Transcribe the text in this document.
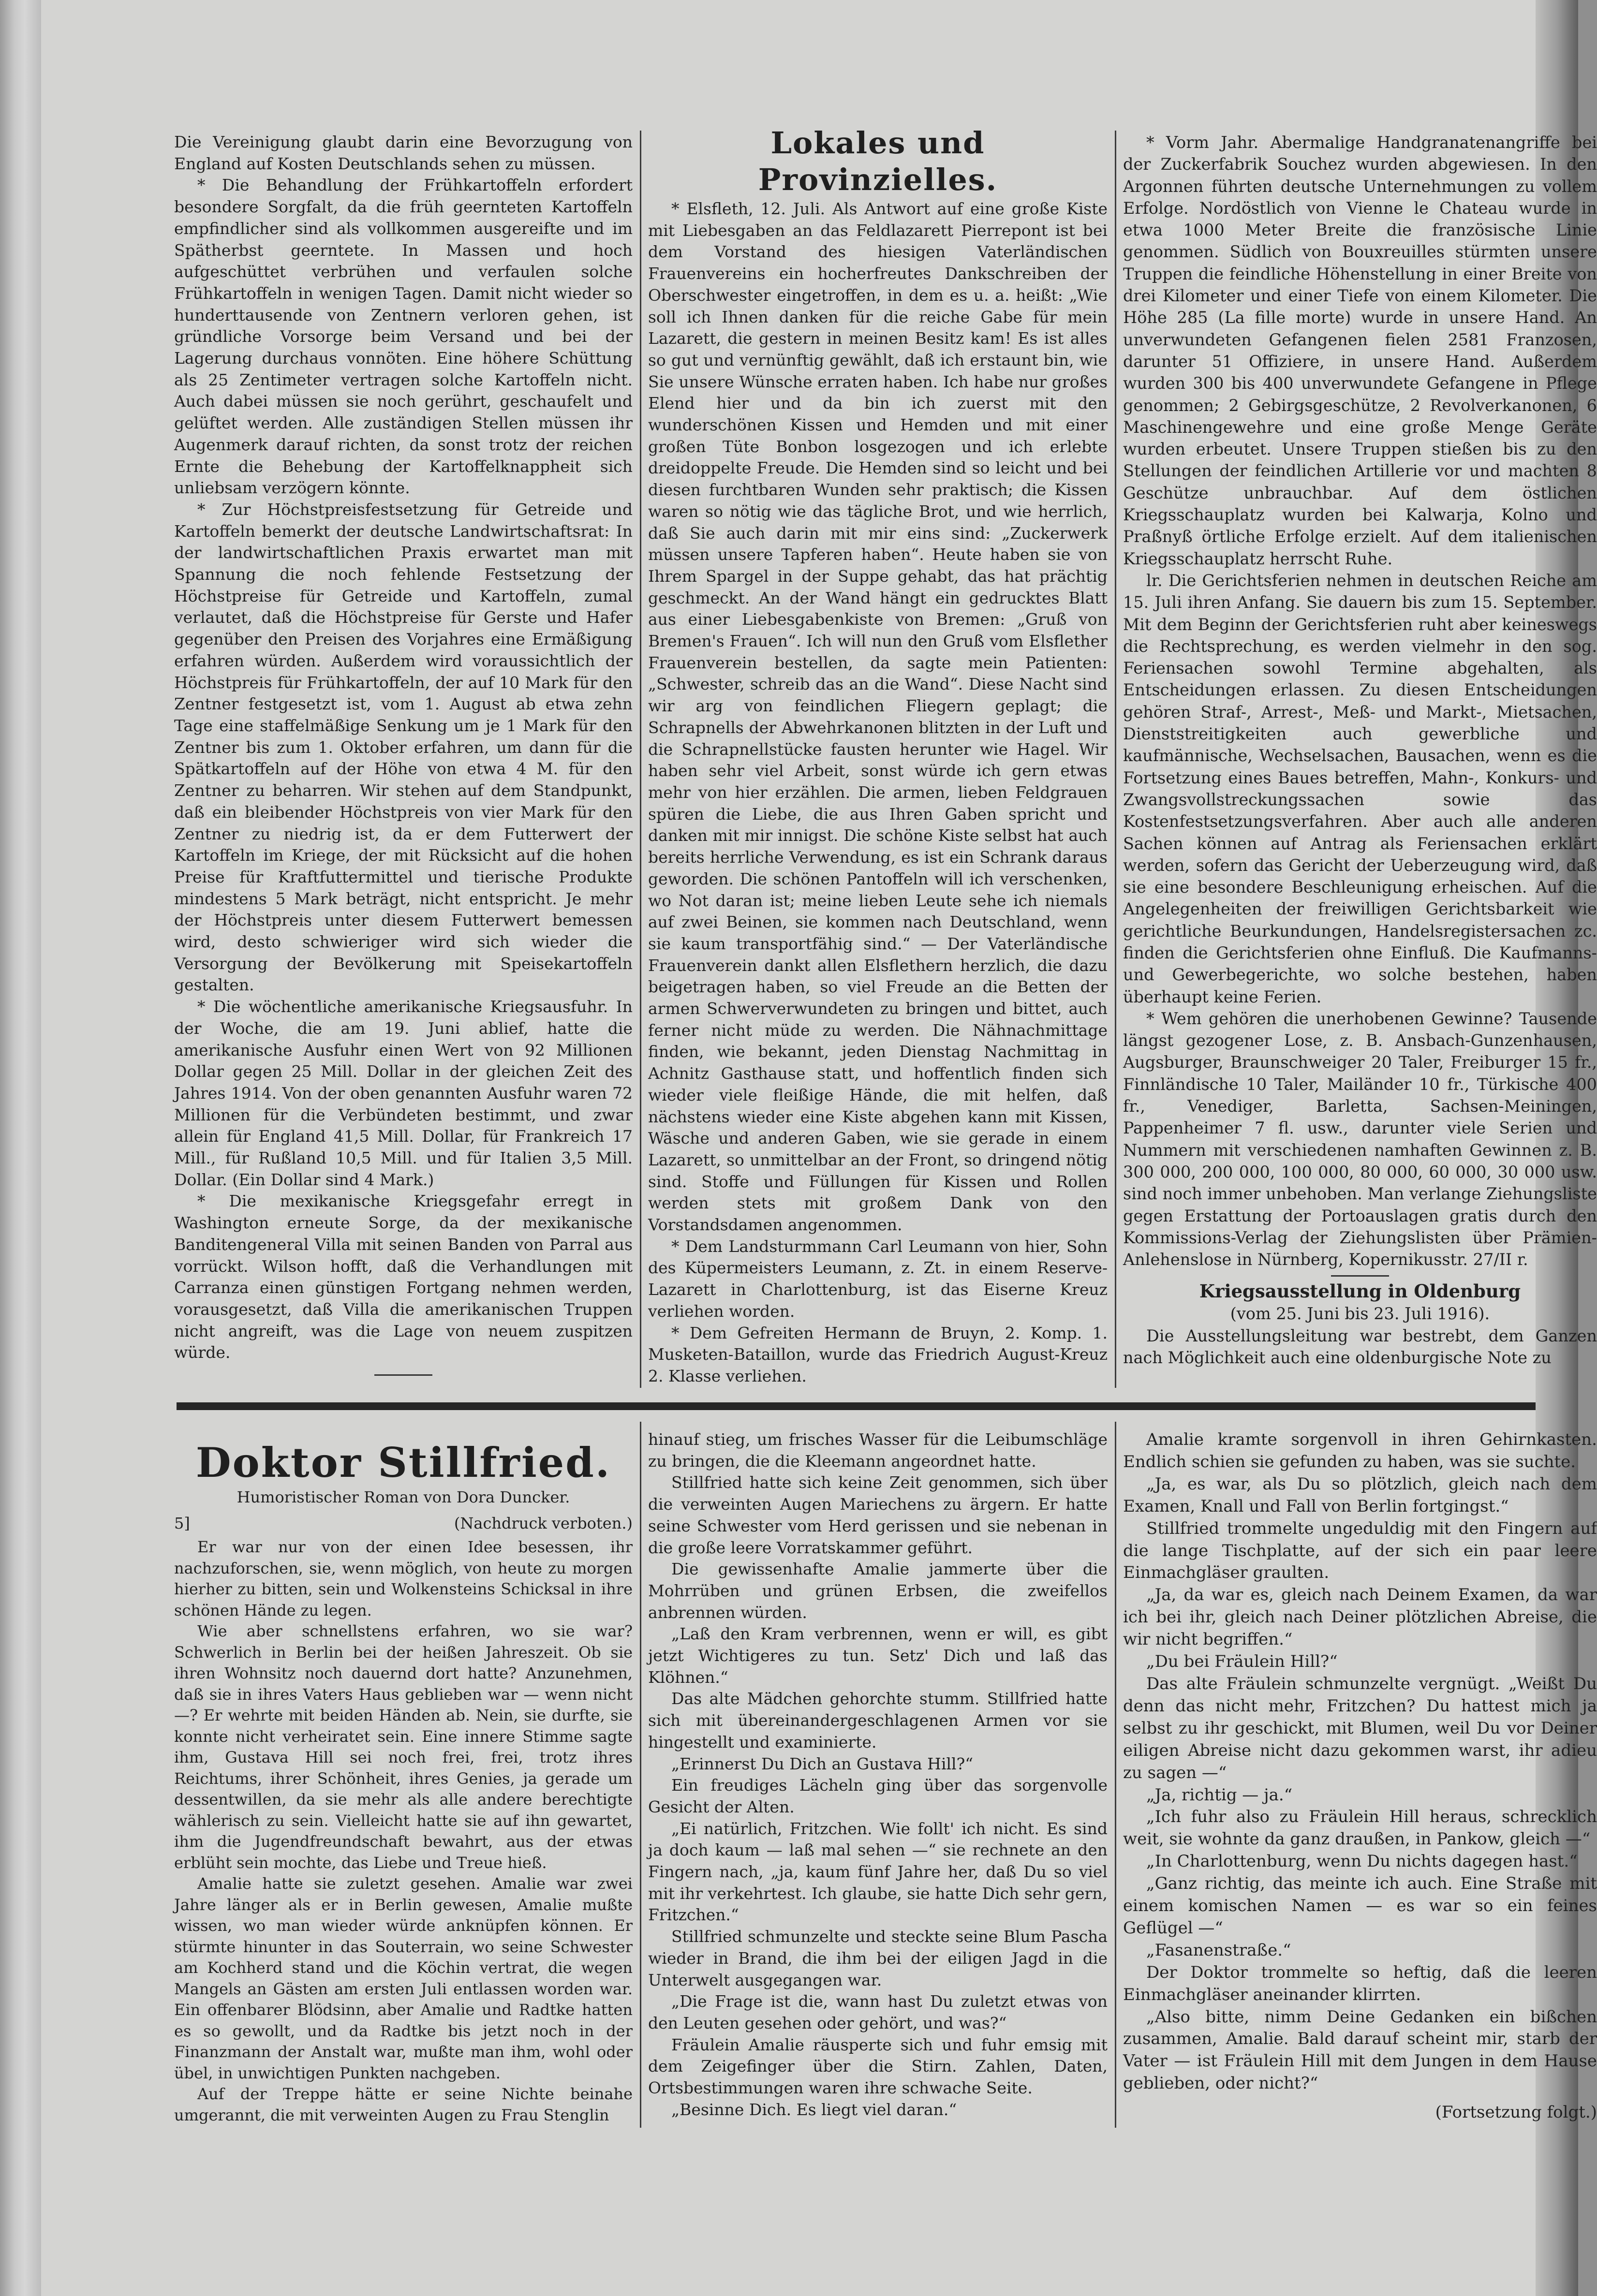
Die Vereinigung glaubt darin eine Bevorzugung von England auf Kosten Deutschlands sehen zu müssen.

* Die Behandlung der Frühkartoffeln erfordert besondere Sorgfalt, da die früh geernteten Kartoffeln empfindlicher sind als vollkommen ausgereifte und im Spätherbst geerntete. In Massen und hoch aufgeschüttet verbrühen und verfaulen solche Frühkartoffeln in wenigen Tagen. Damit nicht wieder so hunderttausende von Zentnern verloren gehen, ist gründliche Vorsorge beim Versand und bei der Lagerung durchaus vonnöten. Eine höhere Schüttung als 25 Zentimeter vertragen solche Kartoffeln nicht. Auch dabei müssen sie noch gerührt, geschaufelt und gelüftet werden. Alle zuständigen Stellen müssen ihr Augenmerk darauf richten, da sonst trotz der reichen Ernte die Behebung der Kartoffelknappheit sich unliebsam verzögern könnte.

* Zur Höchstpreisfestsetzung für Getreide und Kartoffeln bemerkt der deutsche Landwirtschaftsrat: In der landwirtschaftlichen Praxis erwartet man mit Spannung die noch fehlende Festsetzung der Höchstpreise für Getreide und Kartoffeln, zumal verlautet, daß die Höchstpreise für Gerste und Hafer gegenüber den Preisen des Vorjahres eine Ermäßigung erfahren würden. Außerdem wird voraussichtlich der Höchstpreis für Frühkartoffeln, der auf 10 Mark für den Zentner festgesetzt ist, vom 1. August ab etwa zehn Tage eine staffelmäßige Senkung um je 1 Mark für den Zentner bis zum 1. Oktober erfahren, um dann für die Spätkartoffeln auf der Höhe von etwa 4 M. für den Zentner zu beharren. Wir stehen auf dem Standpunkt, daß ein bleibender Höchstpreis von vier Mark für den Zentner zu niedrig ist, da er dem Futterwert der Kartoffeln im Kriege, der mit Rücksicht auf die hohen Preise für Kraftfuttermittel und tierische Produkte mindestens 5 Mark beträgt, nicht entspricht. Je mehr der Höchstpreis unter diesem Futterwert bemessen wird, desto schwieriger wird sich wieder die Versorgung der Bevölkerung mit Speisekartoffeln gestalten.

* Die wöchentliche amerikanische Kriegsausfuhr. In der Woche, die am 19. Juni ablief, hatte die amerikanische Ausfuhr einen Wert von 92 Millionen Dollar gegen 25 Mill. Dollar in der gleichen Zeit des Jahres 1914. Von der oben genannten Ausfuhr waren 72 Millionen für die Verbündeten bestimmt, und zwar allein für England 41,5 Mill. Dollar, für Frankreich 17 Mill., für Rußland 10,5 Mill. und für Italien 3,5 Mill. Dollar. (Ein Dollar sind 4 Mark.)

* Die mexikanische Kriegsgefahr erregt in Washington erneute Sorge, da der mexikanische Banditengeneral Villa mit seinen Banden von Parral aus vorrückt. Wilson hofft, daß die Verhandlungen mit Carranza einen günstigen Fortgang nehmen werden, vorausgesetzt, daß Villa die amerikanischen Truppen nicht angreift, was die Lage von neuem zuspitzen würde.

Lokales und Provinzielles.

* Elsfleth, 12. Juli. Als Antwort auf eine große Kiste mit Liebesgaben an das Feldlazarett Pierrepont ist bei dem Vorstand des hiesigen Vaterländischen Frauenvereins ein hocherfreutes Dankschreiben der Oberschwester eingetroffen, in dem es u. a. heißt: „Wie soll ich Ihnen danken für die reiche Gabe für mein Lazarett, die gestern in meinen Besitz kam! Es ist alles so gut und vernünftig gewählt, daß ich erstaunt bin, wie Sie unsere Wünsche erraten haben. Ich habe nur großes Elend hier und da bin ich zuerst mit den wunderschönen Kissen und Hemden und mit einer großen Tüte Bonbon losgezogen und ich erlebte dreidoppelte Freude. Die Hemden sind so leicht und bei diesen furchtbaren Wunden sehr praktisch; die Kissen waren so nötig wie das tägliche Brot, und wie herrlich, daß Sie auch darin mit mir eins sind: „Zuckerwerk müssen unsere Tapferen haben“. Heute haben sie von Ihrem Spargel in der Suppe gehabt, das hat prächtig geschmeckt. An der Wand hängt ein gedrucktes Blatt aus einer Liebesgabenkiste von Bremen: „Gruß von Bremen's Frauen“. Ich will nun den Gruß vom Elsflether Frauenverein bestellen, da sagte mein Patienten: „Schwester, schreib das an die Wand“. Diese Nacht sind wir arg von feindlichen Fliegern geplagt; die Schrapnells der Abwehrkanonen blitzten in der Luft und die Schrapnellstücke fausten herunter wie Hagel. Wir haben sehr viel Arbeit, sonst würde ich gern etwas mehr von hier erzählen. Die armen, lieben Feldgrauen spüren die Liebe, die aus Ihren Gaben spricht und danken mit mir innigst. Die schöne Kiste selbst hat auch bereits herrliche Verwendung, es ist ein Schrank daraus geworden. Die schönen Pantoffeln will ich verschenken, wo Not daran ist; meine lieben Leute sehe ich niemals auf zwei Beinen, sie kommen nach Deutschland, wenn sie kaum transportfähig sind.“ — Der Vaterländische Frauenverein dankt allen Elsflethern herzlich, die dazu beigetragen haben, so viel Freude an die Betten der armen Schwerverwundeten zu bringen und bittet, auch ferner nicht müde zu werden. Die Nähnachmittage finden, wie bekannt, jeden Dienstag Nachmittag in Achnitz Gasthause statt, und hoffentlich finden sich wieder viele fleißige Hände, die mit helfen, daß nächstens wieder eine Kiste abgehen kann mit Kissen, Wäsche und anderen Gaben, wie sie gerade in einem Lazarett, so unmittelbar an der Front, so dringend nötig sind. Stoffe und Füllungen für Kissen und Rollen werden stets mit großem Dank von den Vorstandsdamen angenommen.

* Dem Landsturmmann Carl Leumann von hier, Sohn des Küpermeisters Leumann, z. Zt. in einem Reserve-Lazarett in Charlottenburg, ist das Eiserne Kreuz verliehen worden.

* Dem Gefreiten Hermann de Bruyn, 2. Komp. 1. Musketen-Bataillon, wurde das Friedrich August-Kreuz 2. Klasse verliehen.

* Vorm Jahr. Abermalige Handgranatenangriffe bei der Zuckerfabrik Souchez wurden abgewiesen. In den Argonnen führten deutsche Unternehmungen zu vollem Erfolge. Nordöstlich von Vienne le Chateau wurde in etwa 1000 Meter Breite die französische Linie genommen. Südlich von Bouxreuilles stürmten unsere Truppen die feindliche Höhenstellung in einer Breite von drei Kilometer und einer Tiefe von einem Kilometer. Die Höhe 285 (La fille morte) wurde in unsere Hand. An unverwundeten Gefangenen fielen 2581 Franzosen, darunter 51 Offiziere, in unsere Hand. Außerdem wurden 300 bis 400 unverwundete Gefangene in Pflege genommen; 2 Gebirgsgeschütze, 2 Revolverkanonen, 6 Maschinengewehre und eine große Menge Geräte wurden erbeutet. Unsere Truppen stießen bis zu den Stellungen der feindlichen Artillerie vor und machten 8 Geschütze unbrauchbar. Auf dem östlichen Kriegsschauplatz wurden bei Kalwarja, Kolno und Praßnyß örtliche Erfolge erzielt. Auf dem italienischen Kriegsschauplatz herrscht Ruhe.

lr. Die Gerichtsferien nehmen in deutschen Reiche am 15. Juli ihren Anfang. Sie dauern bis zum 15. September. Mit dem Beginn der Gerichtsferien ruht aber keineswegs die Rechtsprechung, es werden vielmehr in den sog. Feriensachen sowohl Termine abgehalten, als Entscheidungen erlassen. Zu diesen Entscheidungen gehören Straf-, Arrest-, Meß- und Markt-, Mietsachen, Dienststreitigkeiten auch gewerbliche und kaufmännische, Wechselsachen, Bausachen, wenn es die Fortsetzung eines Baues betreffen, Mahn-, Konkurs- und Zwangsvollstreckungssachen sowie das Kostenfestsetzungsverfahren. Aber auch alle anderen Sachen können auf Antrag als Feriensachen erklärt werden, sofern das Gericht der Ueberzeugung wird, daß sie eine besondere Beschleunigung erheischen. Auf die Angelegenheiten der freiwilligen Gerichtsbarkeit wie gerichtliche Beurkundungen, Handelsregistersachen zc. finden die Gerichtsferien ohne Einfluß. Die Kaufmanns- und Gewerbegerichte, wo solche bestehen, haben überhaupt keine Ferien.

* Wem gehören die unerhobenen Gewinne? Tausende längst gezogener Lose, z. B. Ansbach-Gunzenhausen, Augsburger, Braunschweiger 20 Taler, Freiburger 15 fr., Finnländische 10 Taler, Mailänder 10 fr., Türkische 400 fr., Venediger, Barletta, Sachsen-Meiningen, Pappenheimer 7 fl. usw., darunter viele Serien und Nummern mit verschiedenen namhaften Gewinnen z. B. 300 000, 200 000, 100 000, 80 000, 60 000, 30 000 usw. sind noch immer unbehoben. Man verlange Ziehungsliste gegen Erstattung der Portoauslagen gratis durch den Kommissions-Verlag der Ziehungslisten über Prämien-Anlehenslose in Nürnberg, Kopernikusstr. 27/II r.

Kriegsausstellung in Oldenburg

(vom 25. Juni bis 23. Juli 1916).

Die Ausstellungsleitung war bestrebt, dem Ganzen nach Möglichkeit auch eine oldenburgische Note zu

Doktor Stillfried.

Humoristischer Roman von Dora Duncker.

5]	(Nachdruck verboten.)

Er war nur von der einen Idee besessen, ihr nachzuforschen, sie, wenn möglich, von heute zu morgen hierher zu bitten, sein und Wolkensteins Schicksal in ihre schönen Hände zu legen.

Wie aber schnellstens erfahren, wo sie war? Schwerlich in Berlin bei der heißen Jahreszeit. Ob sie ihren Wohnsitz noch dauernd dort hatte? Anzunehmen, daß sie in ihres Vaters Haus geblieben war — wenn nicht —? Er wehrte mit beiden Händen ab. Nein, sie durfte, sie konnte nicht verheiratet sein. Eine innere Stimme sagte ihm, Gustava Hill sei noch frei, frei, trotz ihres Reichtums, ihrer Schönheit, ihres Genies, ja gerade um dessentwillen, da sie mehr als alle andere berechtigte wählerisch zu sein. Vielleicht hatte sie auf ihn gewartet, ihm die Jugendfreundschaft bewahrt, aus der etwas erblüht sein mochte, das Liebe und Treue hieß.

Amalie hatte sie zuletzt gesehen. Amalie war zwei Jahre länger als er in Berlin gewesen, Amalie mußte wissen, wo man wieder würde anknüpfen können. Er stürmte hinunter in das Souterrain, wo seine Schwester am Kochherd stand und die Köchin vertrat, die wegen Mangels an Gästen am ersten Juli entlassen worden war. Ein offenbarer Blödsinn, aber Amalie und Radtke hatten es so gewollt, und da Radtke bis jetzt noch in der Finanzmann der Anstalt war, mußte man ihm, wohl oder übel, in unwichtigen Punkten nachgeben.

Auf der Treppe hätte er seine Nichte beinahe umgerannt, die mit verweinten Augen zu Frau Stenglin

hinauf stieg, um frisches Wasser für die Leibumschläge zu bringen, die die Kleemann angeordnet hatte.

Stillfried hatte sich keine Zeit genommen, sich über die verweinten Augen Mariechens zu ärgern. Er hatte seine Schwester vom Herd gerissen und sie nebenan in die große leere Vorratskammer geführt.

Die gewissenhafte Amalie jammerte über die Mohrrüben und grünen Erbsen, die zweifellos anbrennen würden.

„Laß den Kram verbrennen, wenn er will, es gibt jetzt Wichtigeres zu tun. Setz' Dich und laß das Klöhnen.“

Das alte Mädchen gehorchte stumm. Stillfried hatte sich mit übereinandergeschlagenen Armen vor sie hingestellt und examinierte.

„Erinnerst Du Dich an Gustava Hill?“

Ein freudiges Lächeln ging über das sorgenvolle Gesicht der Alten.

„Ei natürlich, Fritzchen. Wie follt' ich nicht. Es sind ja doch kaum — laß mal sehen —“ sie rechnete an den Fingern nach, „ja, kaum fünf Jahre her, daß Du so viel mit ihr verkehrtest. Ich glaube, sie hatte Dich sehr gern, Fritzchen.“

Stillfried schmunzelte und steckte seine Blum Pascha wieder in Brand, die ihm bei der eiligen Jagd in die Unterwelt ausgegangen war.

„Die Frage ist die, wann hast Du zuletzt etwas von den Leuten gesehen oder gehört, und was?“

Fräulein Amalie räusperte sich und fuhr emsig mit dem Zeigefinger über die Stirn. Zahlen, Daten, Ortsbestimmungen waren ihre schwache Seite.

„Besinne Dich. Es liegt viel daran.“

Amalie kramte sorgenvoll in ihren Gehirnkasten. Endlich schien sie gefunden zu haben, was sie suchte.

„Ja, es war, als Du so plötzlich, gleich nach dem Examen, Knall und Fall von Berlin fortgingst.“

Stillfried trommelte ungeduldig mit den Fingern auf die lange Tischplatte, auf der sich ein paar leere Einmachgläser graulten.

„Ja, da war es, gleich nach Deinem Examen, da war ich bei ihr, gleich nach Deiner plötzlichen Abreise, die wir nicht begriffen.“

„Du bei Fräulein Hill?“

Das alte Fräulein schmunzelte vergnügt. „Weißt Du denn das nicht mehr, Fritzchen? Du hattest mich ja selbst zu ihr geschickt, mit Blumen, weil Du vor Deiner eiligen Abreise nicht dazu gekommen warst, ihr adieu zu sagen —“

„Ja, richtig — ja.“

„Ich fuhr also zu Fräulein Hill heraus, schrecklich weit, sie wohnte da ganz draußen, in Pankow, gleich —“

„In Charlottenburg, wenn Du nichts dagegen hast.“

„Ganz richtig, das meinte ich auch. Eine Straße mit einem komischen Namen — es war so ein feines Geflügel —“

„Fasanenstraße.“

Der Doktor trommelte so heftig, daß die leeren Einmachgläser aneinander klirrten.

„Also bitte, nimm Deine Gedanken ein bißchen zusammen, Amalie. Bald darauf scheint mir, starb der Vater — ist Fräulein Hill mit dem Jungen in dem Hause geblieben, oder nicht?“

(Fortsetzung folgt.)
